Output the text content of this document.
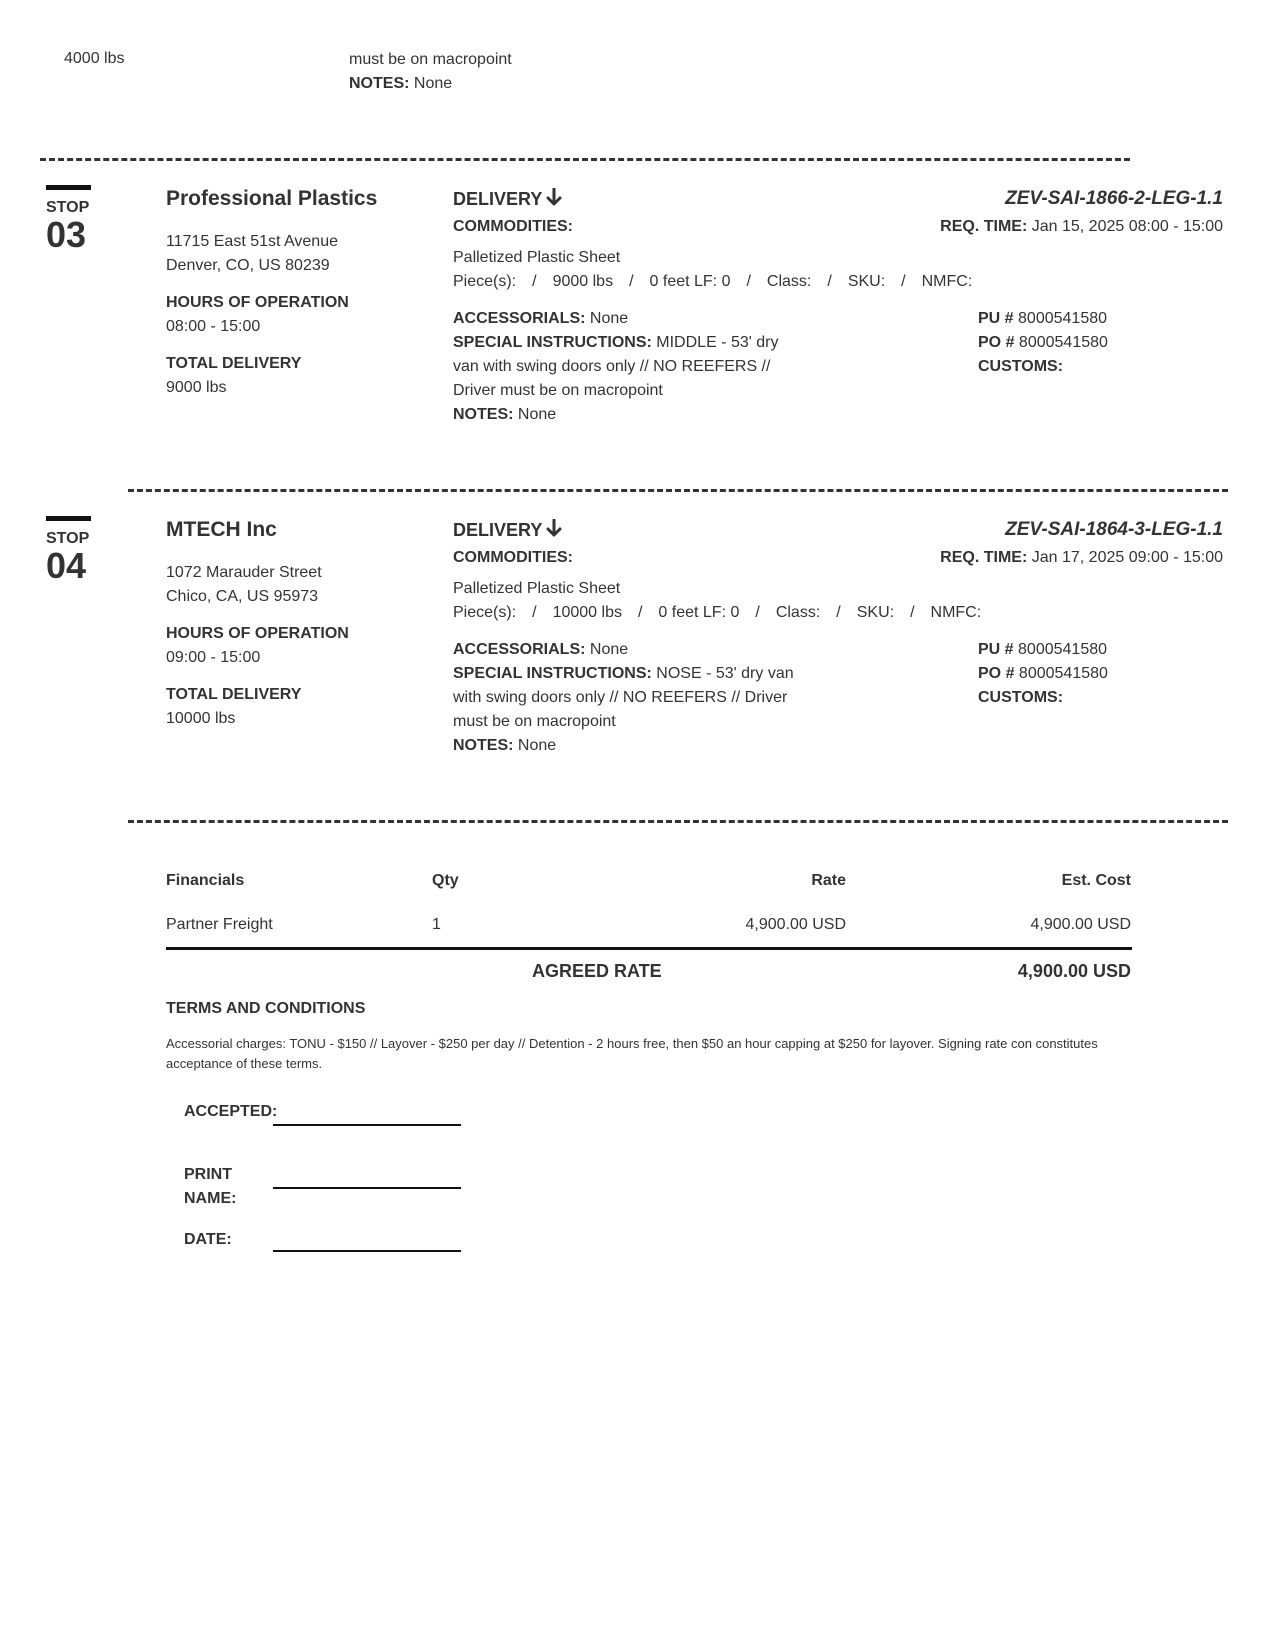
4000 lbs	must be on macropoint
NOTES: None
STOP
03
Professional Plastics
11715 East 51st Avenue
Denver, CO, US 80239
HOURS OF OPERATION
08:00 - 15:00
TOTAL DELIVERY
9000 lbs
DELIVERY	ZEV-SAI-1866-2-LEG-1.1
COMMODITIES:	REQ. TIME: Jan 15, 2025 08:00 - 15:00
Palletized Plastic Sheet
Piece(s): / 9000 lbs / 0 feet LF: 0 / Class: / SKU: / NMFC:
ACCESSORIALS: None
SPECIAL INSTRUCTIONS: MIDDLE - 53' dry
van with swing doors only // NO REEFERS //
Driver must be on macropoint
NOTES: None
PU # 8000541580
PO # 8000541580
CUSTOMS:
STOP
04
MTECH Inc
1072 Marauder Street
Chico, CA, US 95973
HOURS OF OPERATION
09:00 - 15:00
TOTAL DELIVERY
10000 lbs
DELIVERY	ZEV-SAI-1864-3-LEG-1.1
COMMODITIES:	REQ. TIME: Jan 17, 2025 09:00 - 15:00
Palletized Plastic Sheet
Piece(s): / 10000 lbs / 0 feet LF: 0 / Class: / SKU: / NMFC:
ACCESSORIALS: None
SPECIAL INSTRUCTIONS: NOSE - 53' dry van
with swing doors only // NO REEFERS // Driver
must be on macropoint
NOTES: None
PU # 8000541580
PO # 8000541580
CUSTOMS:
Financials	Qty	Rate	Est. Cost
Partner Freight	1	4,900.00 USD	4,900.00 USD
AGREED RATE	4,900.00 USD
TERMS AND CONDITIONS
Accessorial charges: TONU - $150 // Layover - $250 per day // Detention - 2 hours free, then $50 an hour capping at $250 for layover. Signing rate con constitutes acceptance of these terms.
ACCEPTED:
PRINT
NAME:
DATE:
